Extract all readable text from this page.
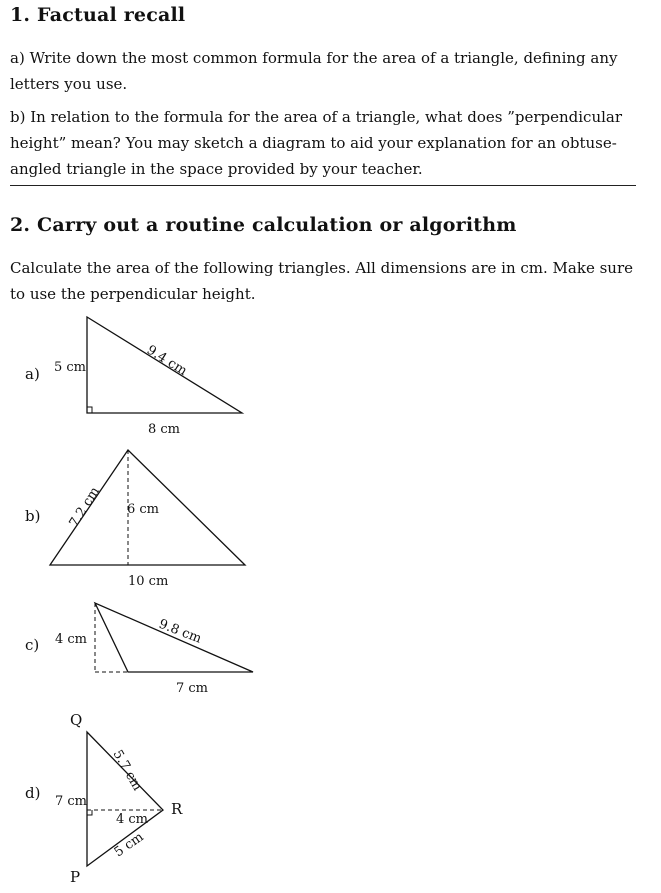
1. Factual recall
a) Write down the most common formula for the area of a triangle, defining any letters you use.
b) In relation to the formula for the area of a triangle, what does ”perpendicular height” mean? You may sketch a diagram to aid your explanation for an obtuse-angled triangle in the space provided by your teacher.
2. Carry out a routine calculation or algorithm
Calculate the area of the following triangles. All dimensions are in cm. Make sure to use the perpendicular height.
a) 5 cm	9.4 cm
8 cm
b) 7.2 cm 6 cm
10 cm
c) 4 cm	9.8 cm
7 cm
d)
Q
R
P
5.7 cm
7 cm
4 cm
5 cm
